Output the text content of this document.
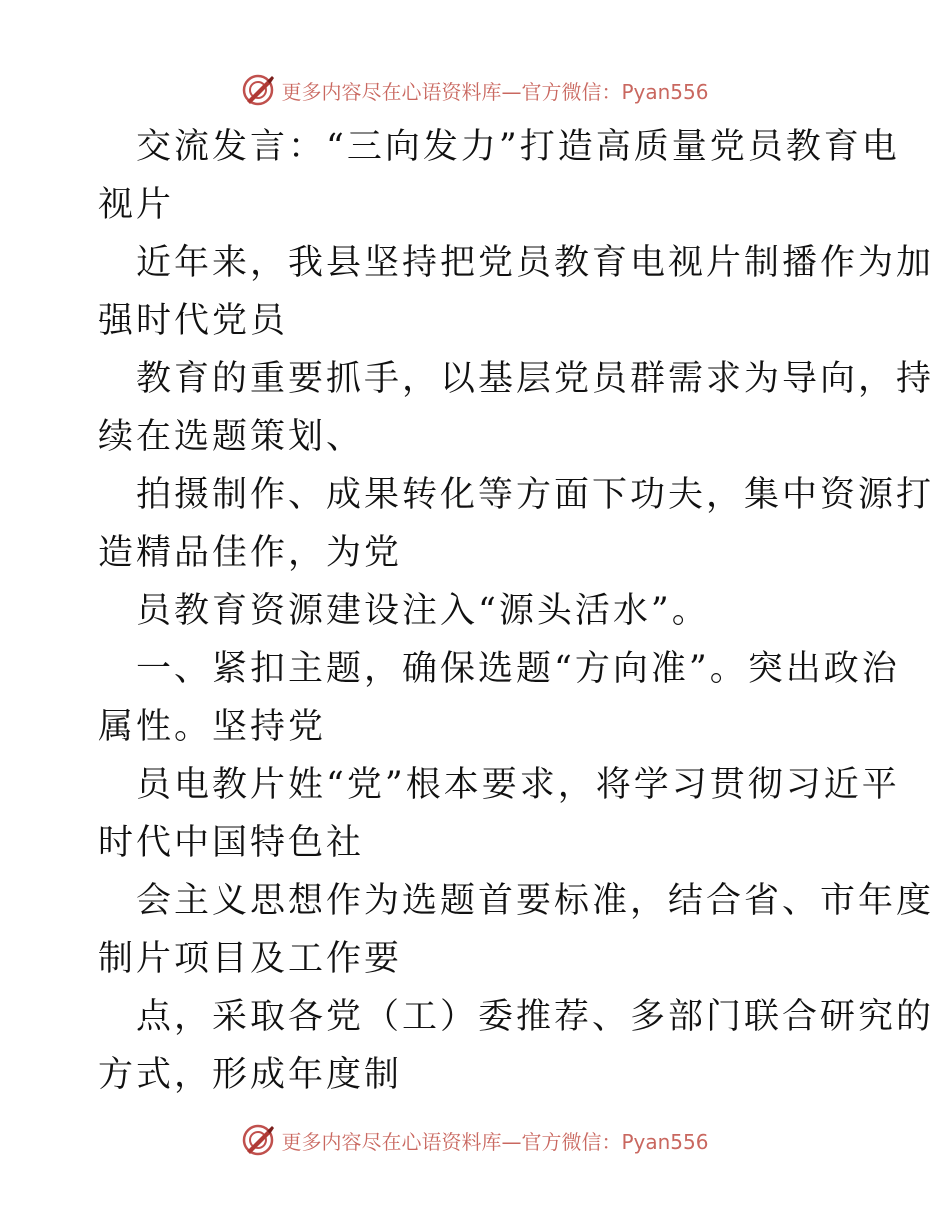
更多内容尽在心语资料库—官方微信：Pyan556
交流发言：“三向发力”打造高质量党员教育电
视片
近年来，我县坚持把党员教育电视片制播作为加
强时代党员
教育的重要抓手，以基层党员群需求为导向，持
续在选题策划、
拍摄制作、成果转化等方面下功夫，集中资源打
造精品佳作，为党
员教育资源建设注入“源头活水”。
一、紧扣主题，确保选题“方向准”。突出政治
属性。坚持党
员电教片姓“党”根本要求，将学习贯彻习近平
时代中国特色社
会主义思想作为选题首要标准，结合省、市年度
制片项目及工作要
点，采取各党（工）委推荐、多部门联合研究的
方式，形成年度制
更多内容尽在心语资料库—官方微信：Pyan556
